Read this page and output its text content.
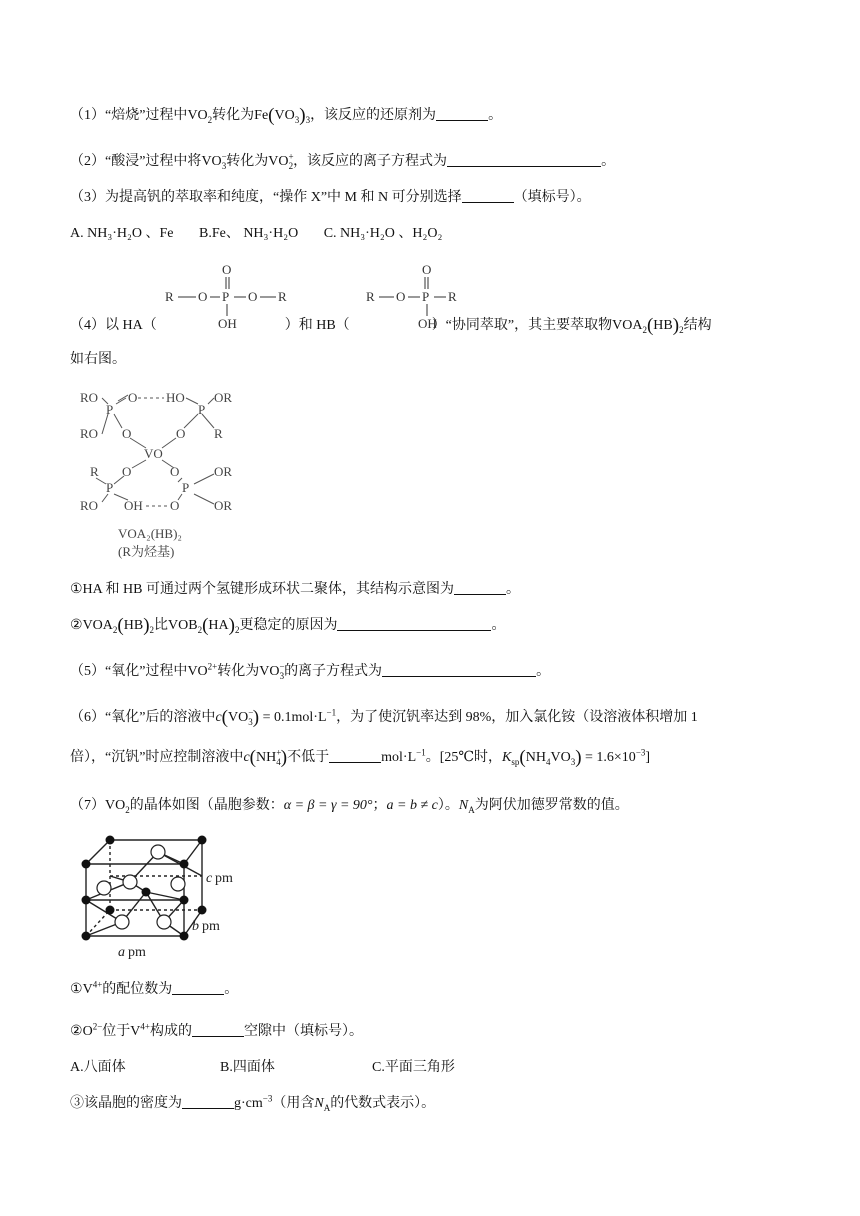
（1）“焙烧”过程中$VO_2$转化为$Fe(VO_3)_3$，该反应的还原剂为	。
（2）“酸浸”过程中将$VO^-_3$转化为$VO^+_2$，该反应的离子方程式为	。
（3）为提高钒的萃取率和纯度，“操作 X”中 M 和 N 可分别选择	（填标号）。
A. NH₃·H₂O 、Fe B.Fe、 NH₃·H₂O C. NH₃·H₂O 、H₂O₂
O
R O P O R
OH
O
R O P R
OH
（4）以 HA（	）和 HB（	）“协同萃取”，其主要萃取物$VOA_2(HB)_2$结构
如右图。
RO O HO OR
P	P
RO O	O R
VO
R O	O	OR
P	P
RO OH O	OR
VOA₂(HB)₂
(R为烃基)
①HA 和 HB 可通过两个氢键形成环状二聚体，其结构示意图为	。
$②VOA_2(HB)_2$比$VOB_2(HA)_2$更稳定的原因为	。
（5）“氧化”过程中$VO^{2+}$转化为$VO^-_3$的离子方程式为	。
（6）“氧化”后的溶液中$c(VO^-_3) = 0.1mol\cdot L^{-1}$，为了使沉钒率达到 98%，加入氯化铵（设溶液体积增加 1
倍），“沉钒”时应控制溶液中$c(NH^+_4)$不低于	$mol\cdot L^{-1}$。[25℃时，$K_{sp}(NH_4VO_3) = 1.6\times 10^{-3}$]
$(7)VO_2$的晶体如图（晶胞参数：α = β = γ = 90°；a = b ≠ c）。$N_A$为阿伏加德罗常数的值。
c pm
b pm
a pm
$①V^{4+}$的配位数为	。
$②O^{2-}$位于$V^{4+}$构成的	空隙中（填标号）。
A.八面体	B.四面体	C.平面三角形
③该晶胞的密度为	$g\cdot cm^{-3}$（用含$N_A$的代数式表示）。
